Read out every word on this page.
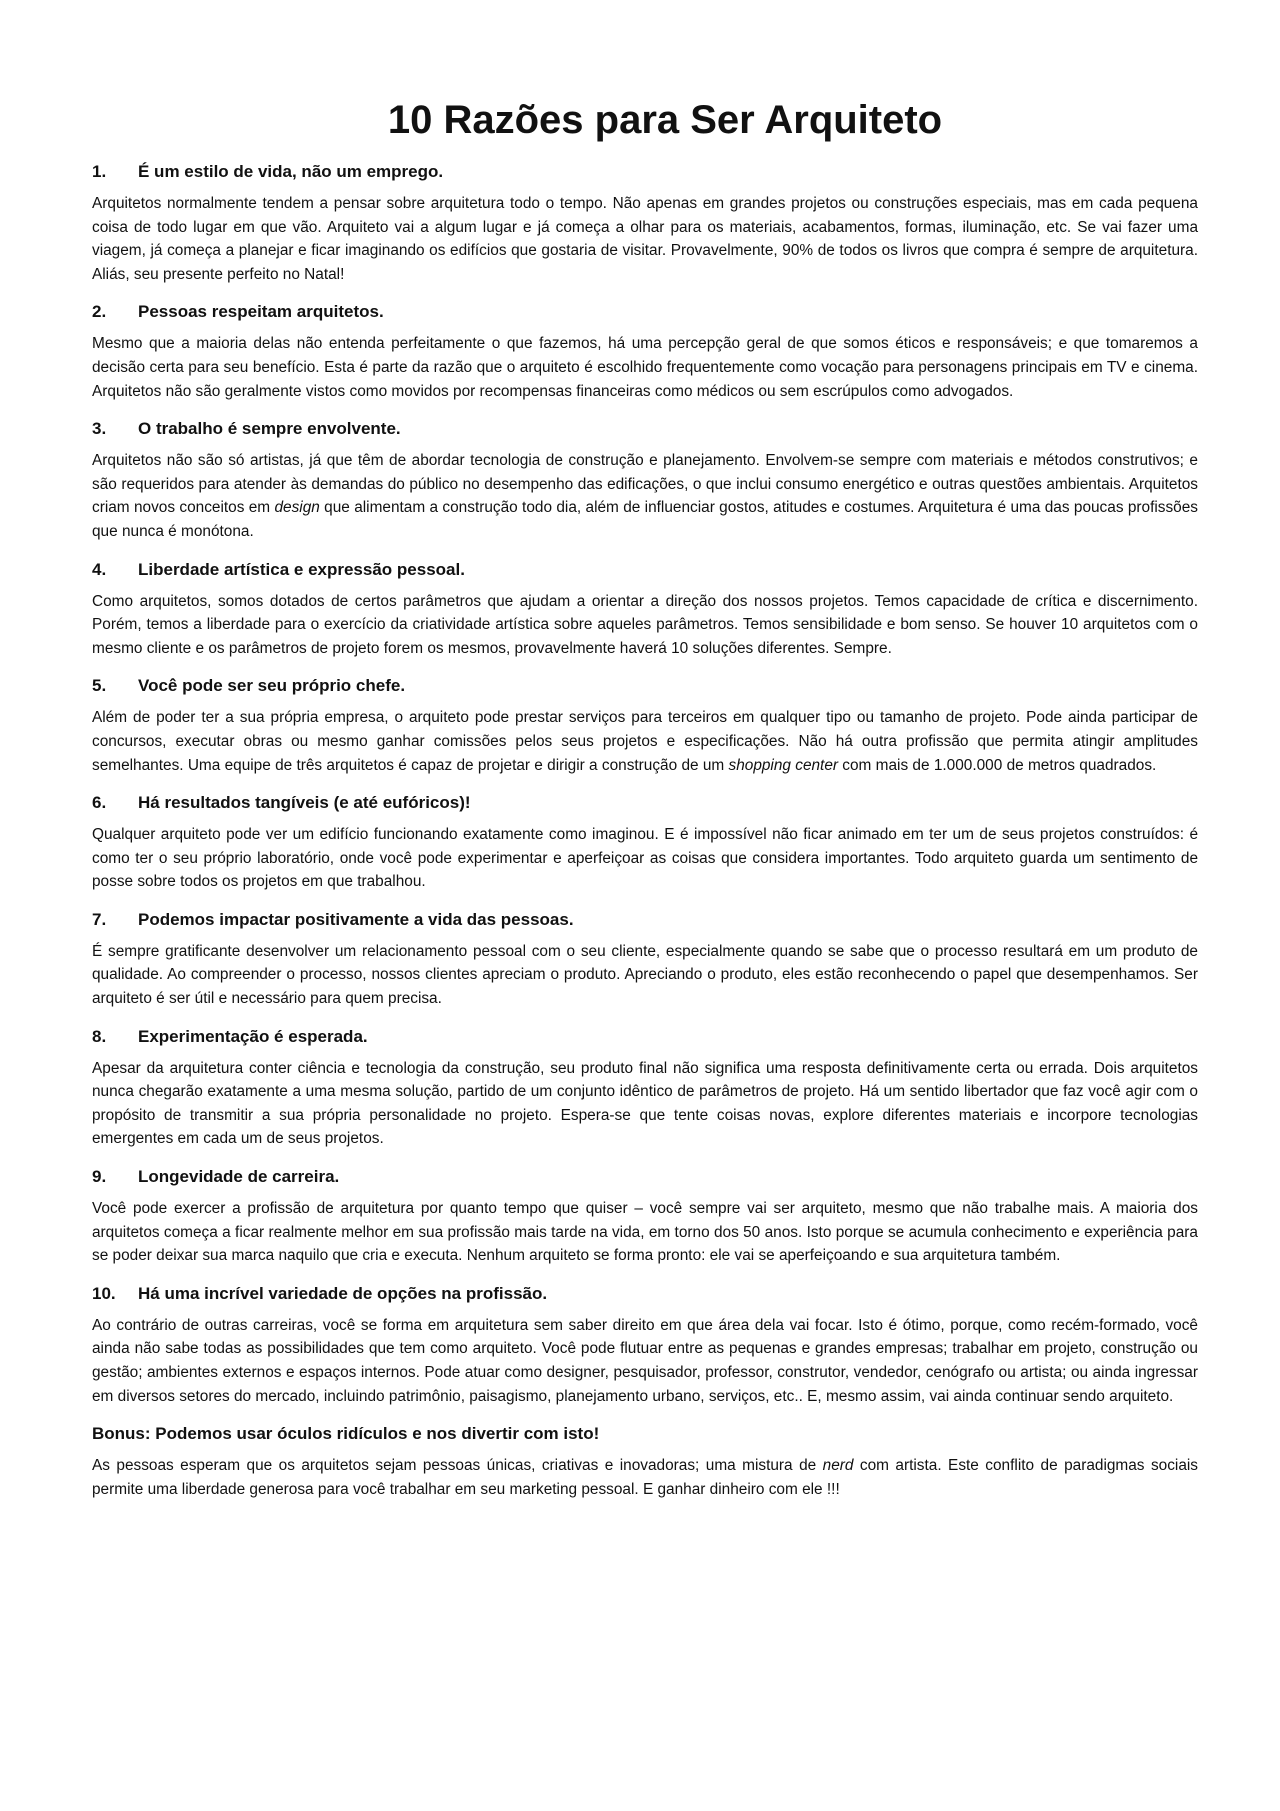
10 Razões para Ser Arquiteto
1.	É um estilo de vida, não um emprego.

Arquitetos normalmente tendem a pensar sobre arquitetura todo o tempo. Não apenas em grandes projetos ou construções especiais, mas em cada pequena coisa de todo lugar em que vão. Arquiteto vai a algum lugar e já começa a olhar para os materiais, acabamentos, formas, iluminação, etc. Se vai fazer uma viagem, já começa a planejar e ficar imaginando os edifícios que gostaria de visitar. Provavelmente, 90% de todos os livros que compra é sempre de arquitetura. Aliás, seu presente perfeito no Natal!

2.	Pessoas respeitam arquitetos.

Mesmo que a maioria delas não entenda perfeitamente o que fazemos, há uma percepção geral de que somos éticos e responsáveis; e que tomaremos a decisão certa para seu benefício. Esta é parte da razão que o arquiteto é escolhido frequentemente como vocação para personagens principais em TV e cinema. Arquitetos não são geralmente vistos como movidos por recompensas financeiras como médicos ou sem escrúpulos como advogados.

3.	O trabalho é sempre envolvente.

Arquitetos não são só artistas, já que têm de abordar tecnologia de construção e planejamento. Envolvem-se sempre com materiais e métodos construtivos; e são requeridos para atender às demandas do público no desempenho das edificações, o que inclui consumo energético e outras questões ambientais. Arquitetos criam novos conceitos em design que alimentam a construção todo dia, além de influenciar gostos, atitudes e costumes. Arquitetura é uma das poucas profissões que nunca é monótona.

4.	Liberdade artística e expressão pessoal.

Como arquitetos, somos dotados de certos parâmetros que ajudam a orientar a direção dos nossos projetos. Temos capacidade de crítica e discernimento. Porém, temos a liberdade para o exercício da criatividade artística sobre aqueles parâmetros. Temos sensibilidade e bom senso. Se houver 10 arquitetos com o mesmo cliente e os parâmetros de projeto forem os mesmos, provavelmente haverá 10 soluções diferentes. Sempre.

5.	Você pode ser seu próprio chefe.

Além de poder ter a sua própria empresa, o arquiteto pode prestar serviços para terceiros em qualquer tipo ou tamanho de projeto. Pode ainda participar de concursos, executar obras ou mesmo ganhar comissões pelos seus projetos e especificações. Não há outra profissão que permita atingir amplitudes semelhantes. Uma equipe de três arquitetos é capaz de projetar e dirigir a construção de um shopping center com mais de 1.000.000 de metros quadrados.

6.	Há resultados tangíveis (e até eufóricos)!

Qualquer arquiteto pode ver um edifício funcionando exatamente como imaginou. E é impossível não ficar animado em ter um de seus projetos construídos: é como ter o seu próprio laboratório, onde você pode experimentar e aperfeiçoar as coisas que considera importantes. Todo arquiteto guarda um sentimento de posse sobre todos os projetos em que trabalhou.

7.	Podemos impactar positivamente a vida das pessoas.

É sempre gratificante desenvolver um relacionamento pessoal com o seu cliente, especialmente quando se sabe que o processo resultará em um produto de qualidade. Ao compreender o processo, nossos clientes apreciam o produto. Apreciando o produto, eles estão reconhecendo o papel que desempenhamos. Ser arquiteto é ser útil e necessário para quem precisa.

8.	Experimentação é esperada.

Apesar da arquitetura conter ciência e tecnologia da construção, seu produto final não significa uma resposta definitivamente certa ou errada. Dois arquitetos nunca chegarão exatamente a uma mesma solução, partido de um conjunto idêntico de parâmetros de projeto. Há um sentido libertador que faz você agir com o propósito de transmitir a sua própria personalidade no projeto. Espera-se que tente coisas novas, explore diferentes materiais e incorpore tecnologias emergentes em cada um de seus projetos.

9.	Longevidade de carreira.

Você pode exercer a profissão de arquitetura por quanto tempo que quiser – você sempre vai ser arquiteto, mesmo que não trabalhe mais. A maioria dos arquitetos começa a ficar realmente melhor em sua profissão mais tarde na vida, em torno dos 50 anos. Isto porque se acumula conhecimento e experiência para se poder deixar sua marca naquilo que cria e executa. Nenhum arquiteto se forma pronto: ele vai se aperfeiçoando e sua arquitetura também.

10.	Há uma incrível variedade de opções na profissão.

Ao contrário de outras carreiras, você se forma em arquitetura sem saber direito em que área dela vai focar. Isto é ótimo, porque, como recém-formado, você ainda não sabe todas as possibilidades que tem como arquiteto. Você pode flutuar entre as pequenas e grandes empresas; trabalhar em projeto, construção ou gestão; ambientes externos e espaços internos. Pode atuar como designer, pesquisador, professor, construtor, vendedor, cenógrafo ou artista; ou ainda ingressar em diversos setores do mercado, incluindo patrimônio, paisagismo, planejamento urbano, serviços, etc.. E, mesmo assim, vai ainda continuar sendo arquiteto.

Bonus: Podemos usar óculos ridículos e nos divertir com isto!

As pessoas esperam que os arquitetos sejam pessoas únicas, criativas e inovadoras; uma mistura de nerd com artista. Este conflito de paradigmas sociais permite uma liberdade generosa para você trabalhar em seu marketing pessoal. E ganhar dinheiro com ele !!!
